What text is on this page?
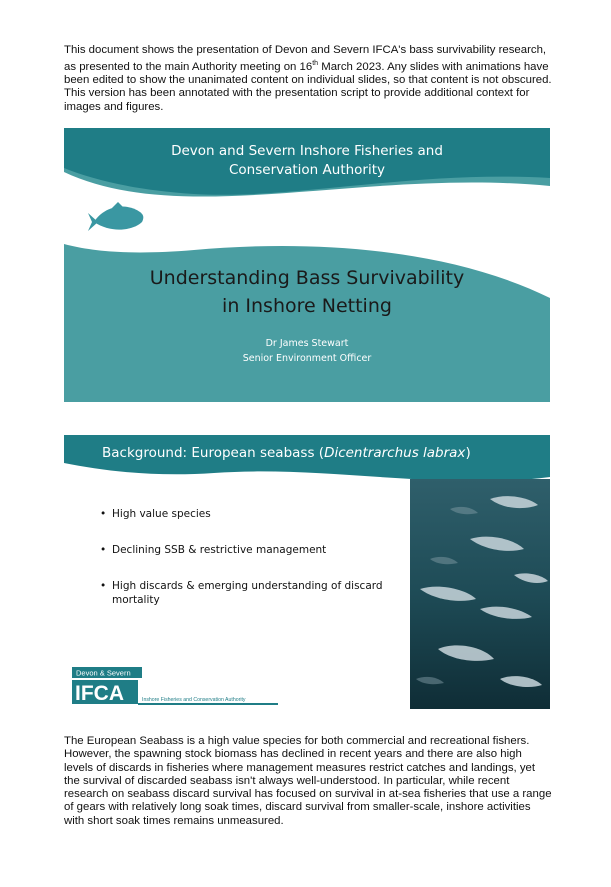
This document shows the presentation of Devon and Severn IFCA's bass survivability research, as presented to the main Authority meeting on 16th March 2023. Any slides with animations have been edited to show the unanimated content on individual slides, so that content is not obscured. This version has been annotated with the presentation script to provide additional context for images and figures.

Devon and Severn Inshore Fisheries and
Conservation Authority
Understanding Bass Survivability
in Inshore Netting
Dr James Stewart
Senior Environment Officer
Background: European seabass (Dicentrarchus labrax)
• High value species
• Declining SSB & restrictive management
• High discards & emerging understanding of discard mortality
Devon & Severn
IFCA	Inshore Fisheries and Conservation Authority

The European Seabass is a high value species for both commercial and recreational fishers. However, the spawning stock biomass has declined in recent years and there are also high levels of discards in fisheries where management measures restrict catches and landings, yet the survival of discarded seabass isn't always well-understood. In particular, while recent research on seabass discard survival has focused on survival in at-sea fisheries that use a range of gears with relatively long soak times, discard survival from smaller-scale, inshore activities with short soak times remains unmeasured.
